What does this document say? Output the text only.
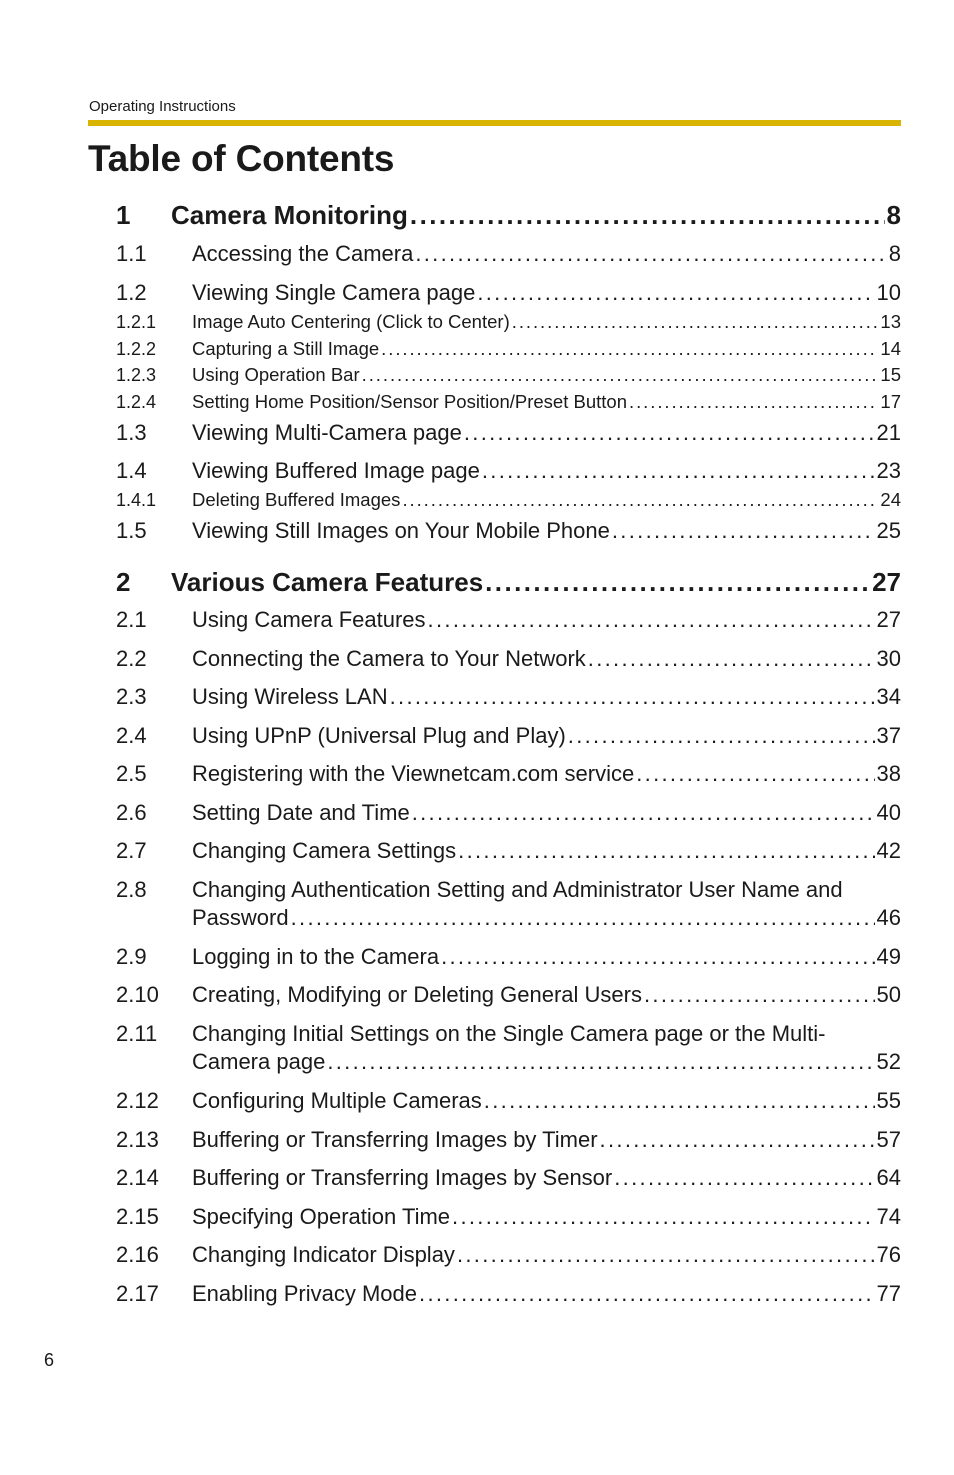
Operating Instructions
Table of Contents
1	Camera Monitoring . . .	8
1.1	Accessing the Camera . . .	8
1.2	Viewing Single Camera page . . .	10
1.2.1	Image Auto Centering (Click to Center) . . .	13
1.2.2	Capturing a Still Image . . .	14
1.2.3	Using Operation Bar . . .	15
1.2.4	Setting Home Position/Sensor Position/Preset Button . . .	17
1.3	Viewing Multi-Camera page . . .	21
1.4	Viewing Buffered Image page . . .	23
1.4.1	Deleting Buffered Images . . .	24
1.5	Viewing Still Images on Your Mobile Phone . . .	25
2	Various Camera Features . . .	27
2.1	Using Camera Features . . .	27
2.2	Connecting the Camera to Your Network . . .	30
2.3	Using Wireless LAN . . .	34
2.4	Using UPnP (Universal Plug and Play) . . .	37
2.5	Registering with the Viewnetcam.com service . . .	38
2.6	Setting Date and Time . . .	40
2.7	Changing Camera Settings . . .	42
2.8	Changing Authentication Setting and Administrator User Name and
Password . . .	46
2.9	Logging in to the Camera . . .	49
2.10	Creating, Modifying or Deleting General Users . . .	50
2.11	Changing Initial Settings on the Single Camera page or the Multi-
Camera page . . .	52
2.12	Configuring Multiple Cameras . . .	55
2.13	Buffering or Transferring Images by Timer . . .	57
2.14	Buffering or Transferring Images by Sensor . . .	64
2.15	Specifying Operation Time . . .	74
2.16	Changing Indicator Display . . .	76
2.17	Enabling Privacy Mode . . .	77
6
